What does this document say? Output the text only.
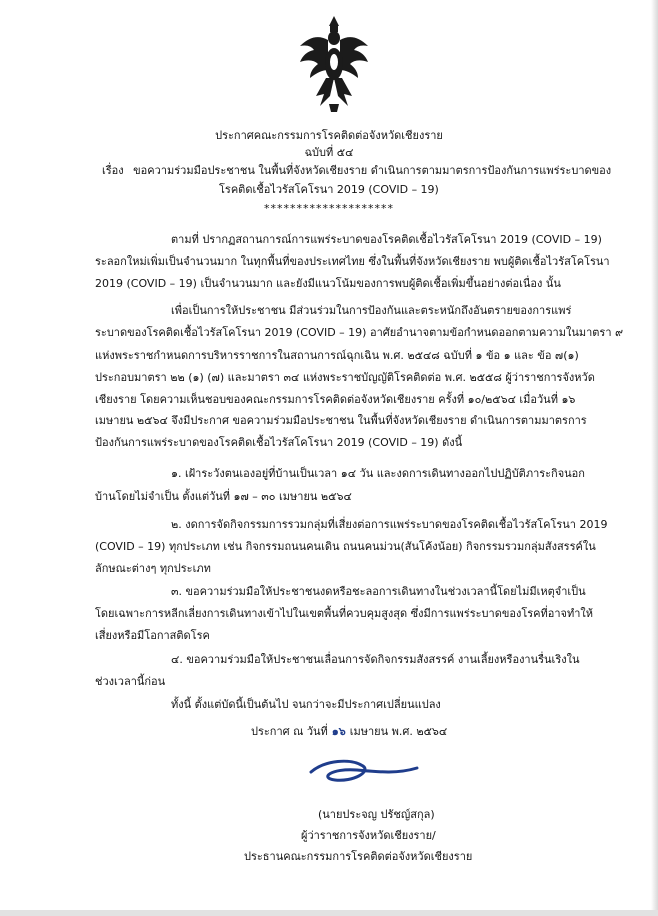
ประกาศคณะกรรมการโรคติดต่อจังหวัดเชียงราย
ฉบับที่ ๕๔
เรื่อง ขอความร่วมมือประชาชน ในพื้นที่จังหวัดเชียงราย ดำเนินการตามมาตรการป้องกันการแพร่ระบาดของ
โรคติดเชื้อไวรัสโคโรนา 2019 (COVID – 19)
********************
ตามที่ ปรากฏสถานการณ์การแพร่ระบาดของโรคติดเชื้อไวรัสโคโรนา 2019 (COVID – 19)
ระลอกใหม่เพิ่มเป็นจำนวนมาก ในทุกพื้นที่ของประเทศไทย ซึ่งในพื้นที่จังหวัดเชียงราย พบผู้ติดเชื้อไวรัสโคโรนา
2019 (COVID – 19) เป็นจำนวนมาก และยังมีแนวโน้มของการพบผู้ติดเชื้อเพิ่มขึ้นอย่างต่อเนื่อง นั้น
เพื่อเป็นการให้ประชาชน มีส่วนร่วมในการป้องกันและตระหนักถึงอันตรายของการแพร่
ระบาดของโรคติดเชื้อไวรัสโคโรนา 2019 (COVID – 19) อาศัยอำนาจตามข้อกำหนดออกตามความในมาตรา ๙
แห่งพระราชกำหนดการบริหารราชการในสถานการณ์ฉุกเฉิน พ.ศ. ๒๕๔๘ ฉบับที่ ๑ ข้อ ๑ และ ข้อ ๗(๑)
ประกอบมาตรา ๒๒ (๑) (๗) และมาตรา ๓๔ แห่งพระราชบัญญัติโรคติดต่อ พ.ศ. ๒๕๕๘ ผู้ว่าราชการจังหวัด
เชียงราย โดยความเห็นชอบของคณะกรรมการโรคติดต่อจังหวัดเชียงราย ครั้งที่ ๑๐/๒๕๖๔ เมื่อวันที่ ๑๖
เมษายน ๒๕๖๔ จึงมีประกาศ ขอความร่วมมือประชาชน ในพื้นที่จังหวัดเชียงราย ดำเนินการตามมาตรการ
ป้องกันการแพร่ระบาดของโรคติดเชื้อไวรัสโคโรนา 2019 (COVID – 19) ดังนี้
๑. เฝ้าระวังตนเองอยู่ที่บ้านเป็นเวลา ๑๔ วัน และงดการเดินทางออกไปปฏิบัติภาระกิจนอก
บ้านโดยไม่จำเป็น ตั้งแต่วันที่ ๑๗ – ๓๐ เมษายน ๒๕๖๔
๒. งดการจัดกิจกรรมการรวมกลุ่มที่เสี่ยงต่อการแพร่ระบาดของโรคติดเชื้อไวรัสโคโรนา 2019
(COVID – 19) ทุกประเภท เช่น กิจกรรมถนนคนเดิน ถนนคนม่วน(สันโค้งน้อย) กิจกรรมรวมกลุ่มสังสรรค์ใน
ลักษณะต่างๆ ทุกประเภท
๓. ขอความร่วมมือให้ประชาชนงดหรือชะลอการเดินทางในช่วงเวลานี้โดยไม่มีเหตุจำเป็น
โดยเฉพาะการหลีกเลี่ยงการเดินทางเข้าไปในเขตพื้นที่ควบคุมสูงสุด ซึ่งมีการแพร่ระบาดของโรคที่อาจทำให้
เสี่ยงหรือมีโอกาสติดโรค
๔. ขอความร่วมมือให้ประชาชนเลื่อนการจัดกิจกรรมสังสรรค์ งานเลี้ยงหรืองานรื่นเริงใน
ช่วงเวลานี้ก่อน
ทั้งนี้ ตั้งแต่บัดนี้เป็นต้นไป จนกว่าจะมีประกาศเปลี่ยนแปลง
ประกาศ ณ วันที่ ๑๖ เมษายน พ.ศ. ๒๕๖๔
(นายประจญ ปรัชญ์สกุล)
ผู้ว่าราชการจังหวัดเชียงราย/
ประธานคณะกรรมการโรคติดต่อจังหวัดเชียงราย
